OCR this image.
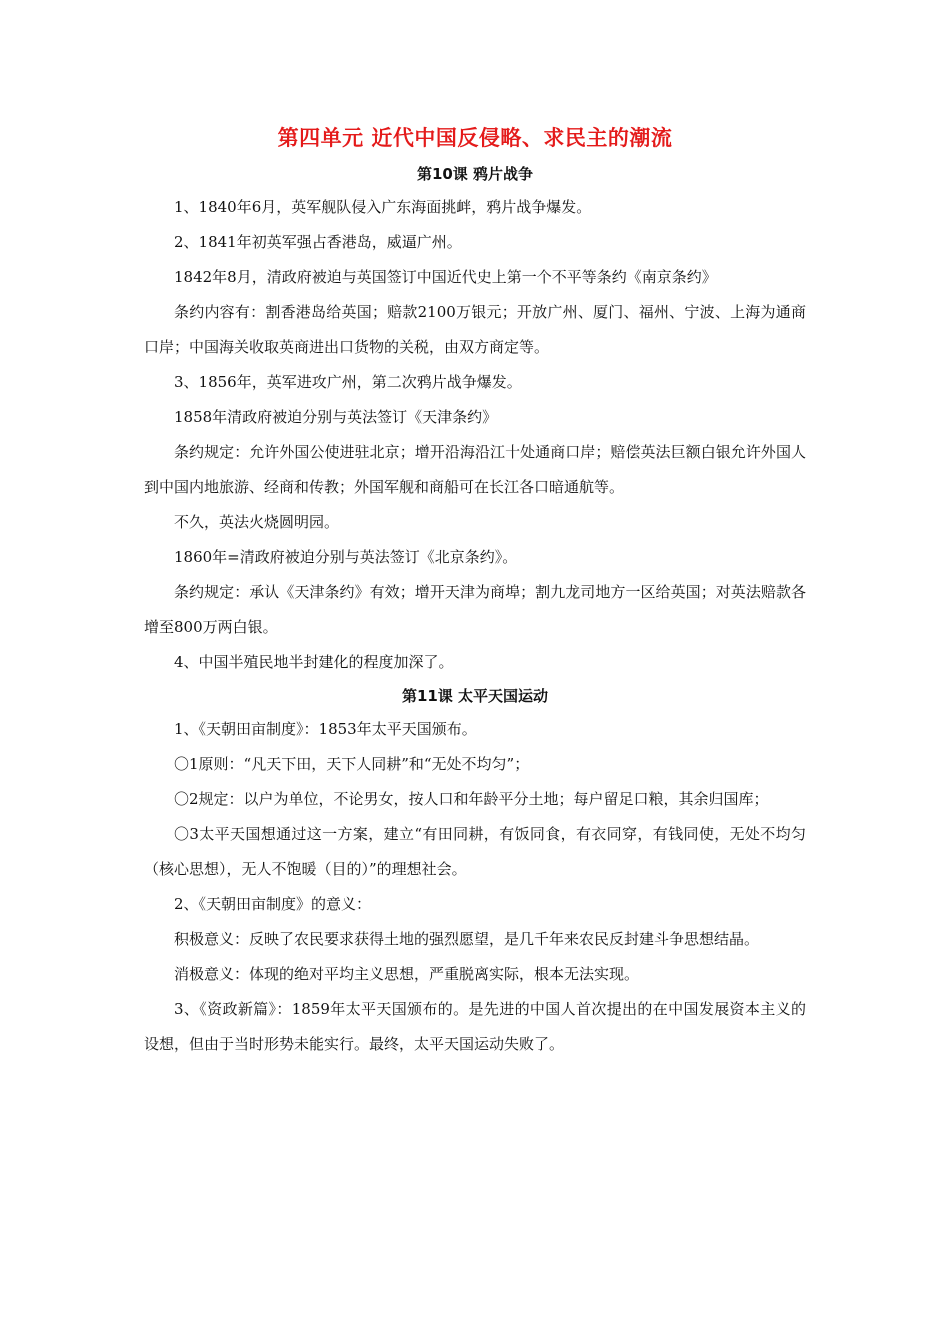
第四单元 近代中国反侵略、求民主的潮流
第10课 鸦片战争

1、1840年6月，英军舰队侵入广东海面挑衅，鸦片战争爆发。

2、1841年初英军强占香港岛，威逼广州。

1842年8月，清政府被迫与英国签订中国近代史上第一个不平等条约《南京条约》

条约内容有：割香港岛给英国；赔款2100万银元；开放广州、厦门、福州、宁波、上海为通商口岸；中国海关收取英商进出口货物的关税，由双方商定等。

3、1856年，英军进攻广州，第二次鸦片战争爆发。

1858年清政府被迫分别与英法签订《天津条约》

条约规定：允许外国公使进驻北京；增开沿海沿江十处通商口岸；赔偿英法巨额白银允许外国人到中国内地旅游、经商和传教；外国军舰和商船可在长江各口暗通航等。

不久，英法火烧圆明园。

1860年=清政府被迫分别与英法签订《北京条约》。

条约规定：承认《天津条约》有效；增开天津为商埠；割九龙司地方一区给英国；对英法赔款各增至800万两白银。

4、中国半殖民地半封建化的程度加深了。

第11课 太平天国运动

1、《天朝田亩制度》：1853年太平天国颁布。

〇1原则：“凡天下田，天下人同耕”和“无处不均匀”；

〇2规定：以户为单位，不论男女，按人口和年龄平分土地；每户留足口粮，其余归国库；

〇3太平天国想通过这一方案，建立“有田同耕，有饭同食，有衣同穿，有钱同使，无处不均匀（核心思想），无人不饱暖（目的）”的理想社会。

2、《天朝田亩制度》的意义：

积极意义：反映了农民要求获得土地的强烈愿望，是几千年来农民反封建斗争思想结晶。

消极意义：体现的绝对平均主义思想，严重脱离实际，根本无法实现。

3、《资政新篇》：1859年太平天国颁布的。是先进的中国人首次提出的在中国发展资本主义的设想，但由于当时形势未能实行。最终，太平天国运动失败了。
